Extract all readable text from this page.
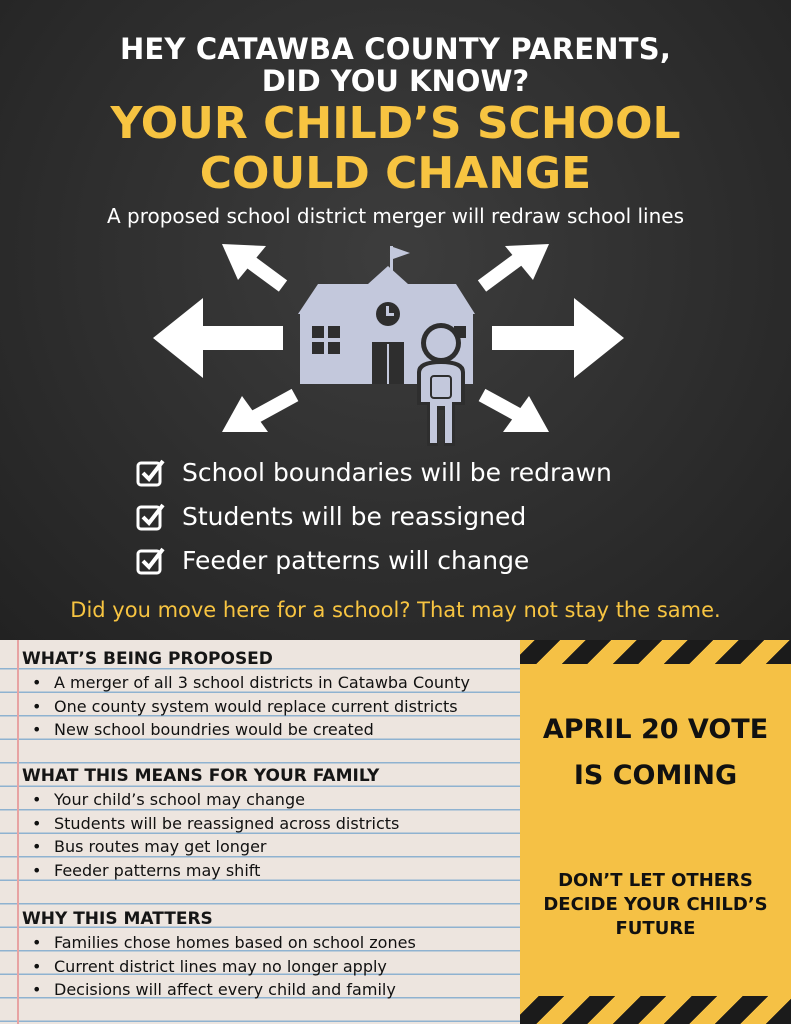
HEY CATAWBA COUNTY PARENTS,
DID YOU KNOW?
YOUR CHILD’S SCHOOL
COULD CHANGE
A proposed school district merger will redraw school lines
School boundaries will be redrawn
Students will be reassigned
Feeder patterns will change
Did you move here for a school? That may not stay the same.
WHAT’S BEING PROPOSED
• A merger of all 3 school districts in Catawba County
• One county system would replace current districts
• New school boundries would be created
WHAT THIS MEANS FOR YOUR FAMILY
• Your child’s school may change
• Students will be reassigned across districts
• Bus routes may get longer
• Feeder patterns may shift
WHY THIS MATTERS
• Families chose homes based on school zones
• Current district lines may no longer apply
• Decisions will affect every child and family
APRIL 20 VOTE
IS COMING
DON’T LET OTHERS
DECIDE YOUR CHILD’S
FUTURE
